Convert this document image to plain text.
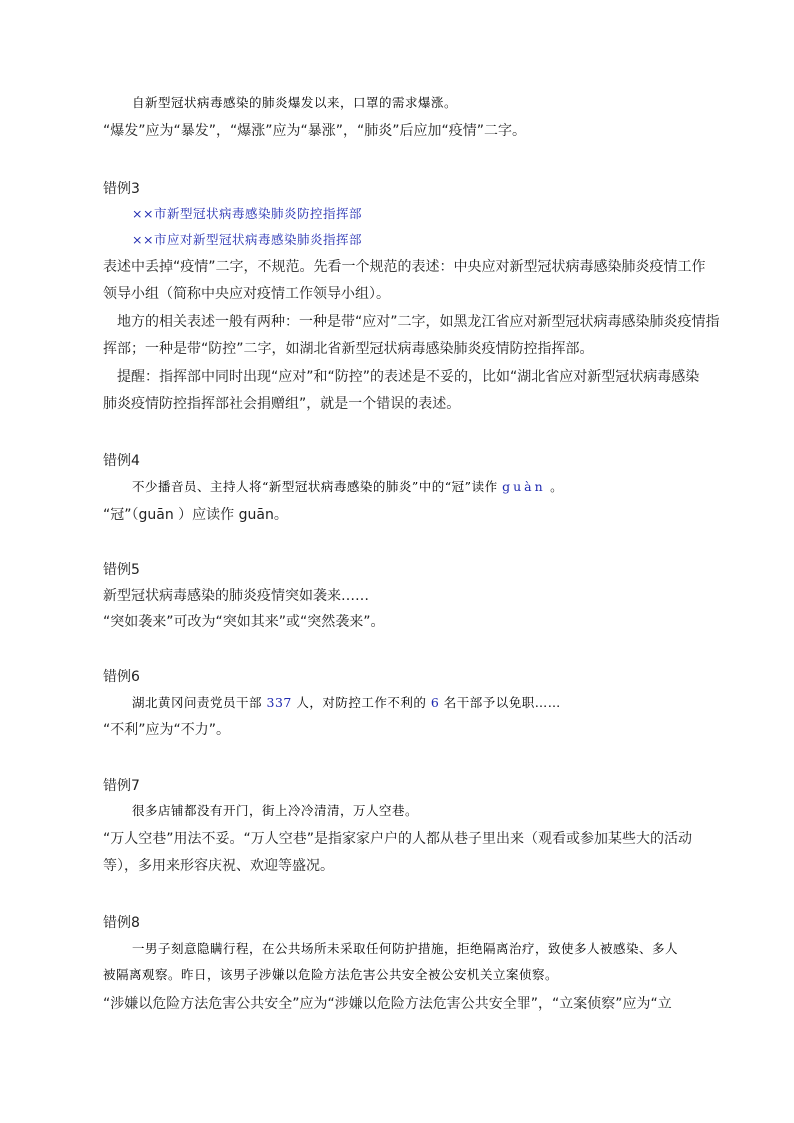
自新型冠状病毒感染的肺炎爆发以来，口罩的需求爆涨。
“爆发”应为“暴发”，“爆涨”应为“暴涨”，“肺炎”后应加“疫情”二字。
错例3
××市新型冠状病毒感染肺炎防控指挥部
××市应对新型冠状病毒感染肺炎指挥部
表述中丢掉“疫情”二字，不规范。先看一个规范的表述：中央应对新型冠状病毒感染肺炎疫情工作
领导小组（简称中央应对疫情工作领导小组）。
地方的相关表述一般有两种：一种是带“应对”二字，如黑龙江省应对新型冠状病毒感染肺炎疫情指
挥部；一种是带“防控”二字，如湖北省新型冠状病毒感染肺炎疫情防控指挥部。
提醒：指挥部中同时出现“应对”和“防控”的表述是不妥的，比如“湖北省应对新型冠状病毒感染
肺炎疫情防控指挥部社会捐赠组”，就是一个错误的表述。
错例4
不少播音员、主持人将“新型冠状病毒感染的肺炎”中的“冠”读作 guàn 。
“冠”（guān ）应读作 guān。
错例5
新型冠状病毒感染的肺炎疫情突如袭来……
“突如袭来”可改为“突如其来”或“突然袭来”。
错例6
湖北黄冈问责党员干部 337 人，对防控工作不利的 6 名干部予以免职……
“不利”应为“不力”。
错例7
很多店铺都没有开门，街上冷冷清清，万人空巷。
“万人空巷”用法不妥。“万人空巷”是指家家户户的人都从巷子里出来（观看或参加某些大的活动
等），多用来形容庆祝、欢迎等盛况。
错例8
一男子刻意隐瞒行程，在公共场所未采取任何防护措施，拒绝隔离治疗，致使多人被感染、多人
被隔离观察。昨日，该男子涉嫌以危险方法危害公共安全被公安机关立案侦察。
“涉嫌以危险方法危害公共安全”应为“涉嫌以危险方法危害公共安全罪”，“立案侦察”应为“立
